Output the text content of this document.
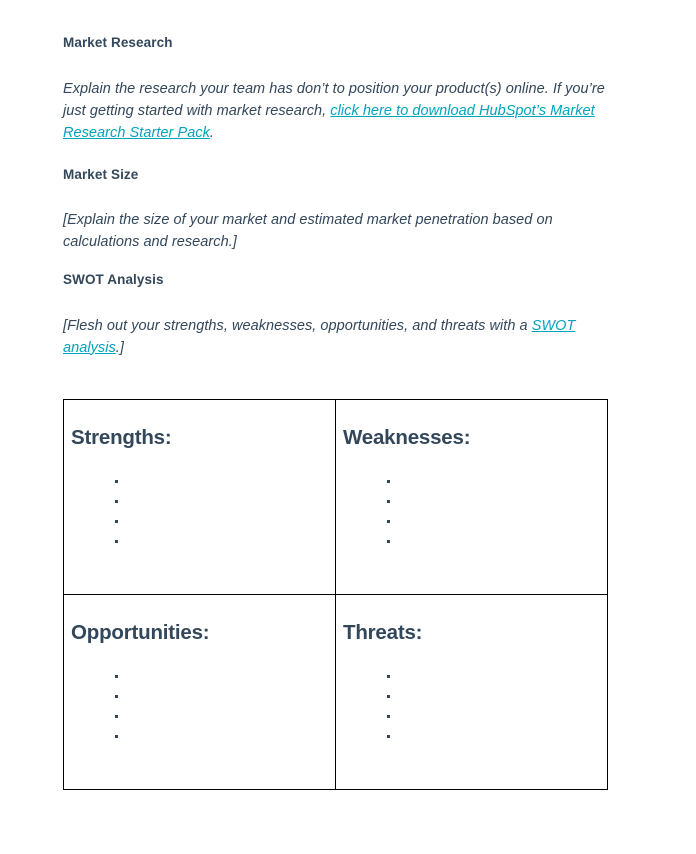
Market Research

Explain the research your team has don’t to position your product(s) online. If you’re just getting started with market research, click here to download HubSpot’s Market Research Starter Pack.

Market Size

[Explain the size of your market and estimated market penetration based on calculations and research.]

SWOT Analysis

[Flesh out your strengths, weaknesses, opportunities, and threats with a SWOT analysis.]

Strengths:	Weaknesses:

Opportunities:	Threats:
